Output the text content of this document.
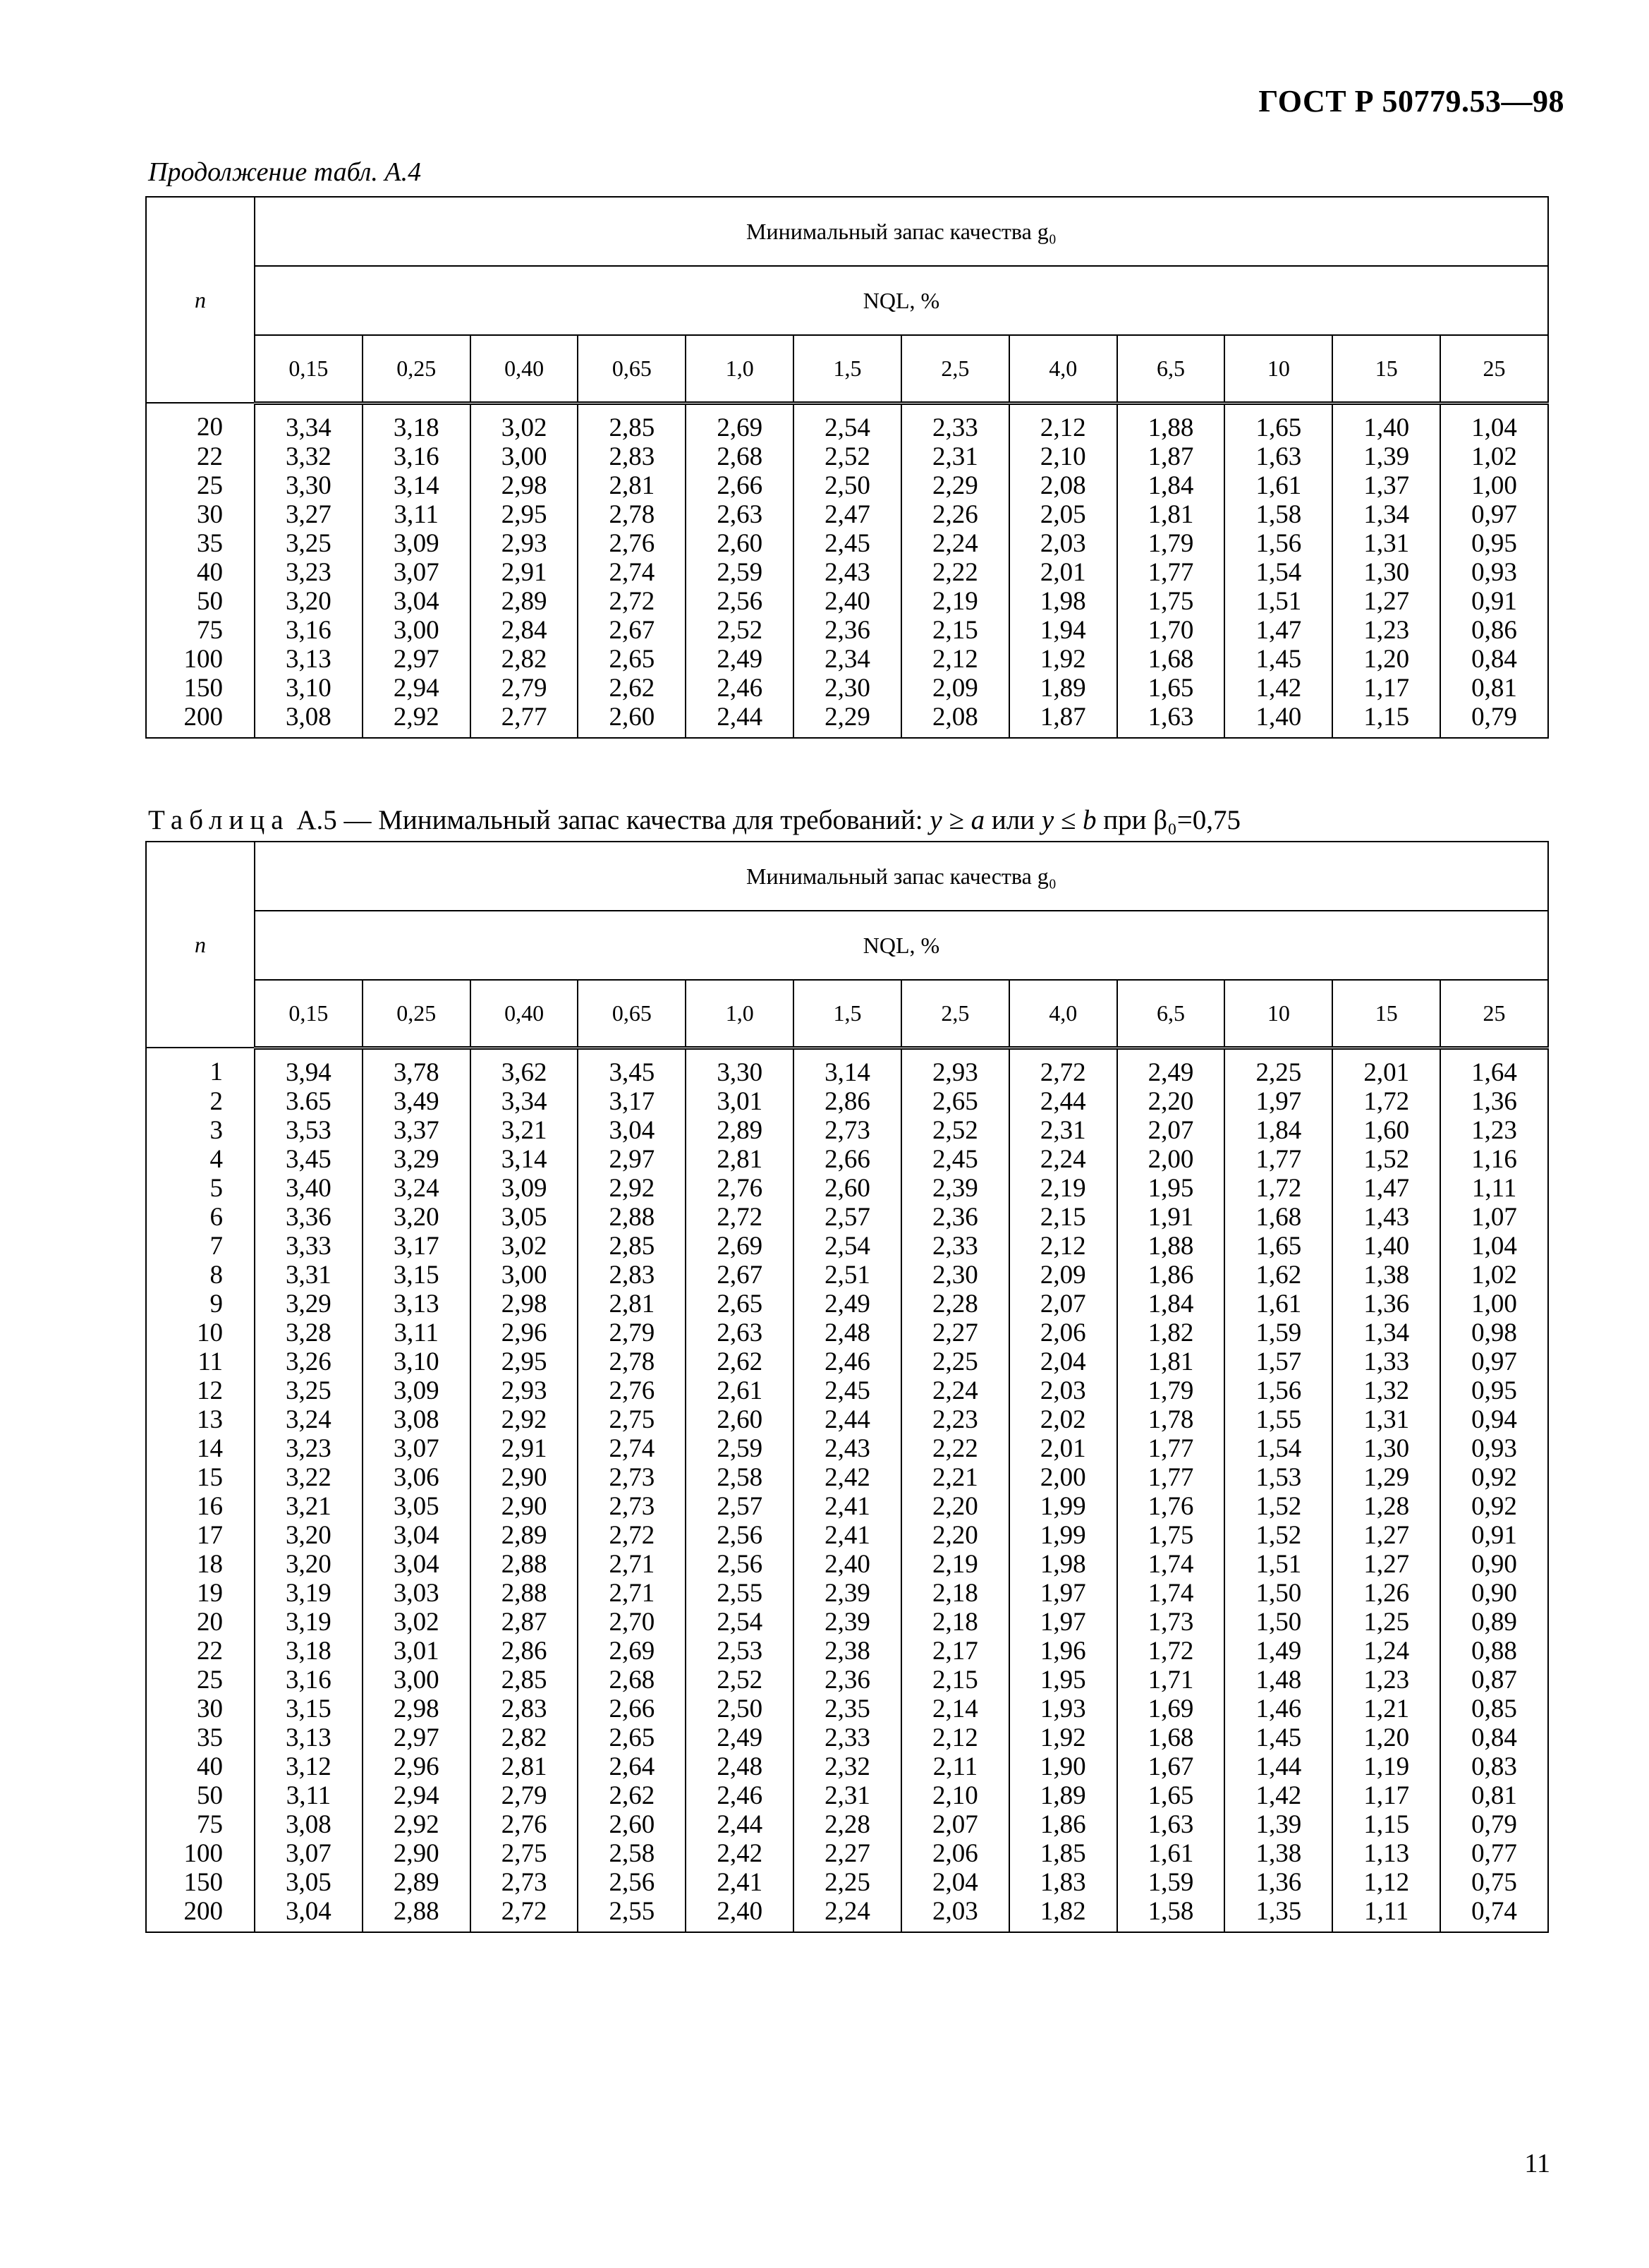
ГОСТ Р 50779.53—98
Продолжение табл. А.4
n	Минимальный запас качества g₀											
	NQL, %											
	0,15	0,25	0,40	0,65	1,0	1,5	2,5	4,0	6,5	10	15	25
20	3,34	3,18	3,02	2,85	2,69	2,54	2,33	2,12	1,88	1,65	1,40	1,04
22	3,32	3,16	3,00	2,83	2,68	2,52	2,31	2,10	1,87	1,63	1,39	1,02
25	3,30	3,14	2,98	2,81	2,66	2,50	2,29	2,08	1,84	1,61	1,37	1,00
30	3,27	3,11	2,95	2,78	2,63	2,47	2,26	2,05	1,81	1,58	1,34	0,97
35	3,25	3,09	2,93	2,76	2,60	2,45	2,24	2,03	1,79	1,56	1,31	0,95
40	3,23	3,07	2,91	2,74	2,59	2,43	2,22	2,01	1,77	1,54	1,30	0,93
50	3,20	3,04	2,89	2,72	2,56	2,40	2,19	1,98	1,75	1,51	1,27	0,91
75	3,16	3,00	2,84	2,67	2,52	2,36	2,15	1,94	1,70	1,47	1,23	0,86
100	3,13	2,97	2,82	2,65	2,49	2,34	2,12	1,92	1,68	1,45	1,20	0,84
150	3,10	2,94	2,79	2,62	2,46	2,30	2,09	1,89	1,65	1,42	1,17	0,81
200	3,08	2,92	2,77	2,60	2,44	2,29	2,08	1,87	1,63	1,40	1,15	0,79
Таблица А.5 — Минимальный запас качества для требований: y ≥ a или y ≤ b при β₀=0,75
n	Минимальный запас качества g₀											
	NQL, %											
	0,15	0,25	0,40	0,65	1,0	1,5	2,5	4,0	6,5	10	15	25
1	3,94	3,78	3,62	3,45	3,30	3,14	2,93	2,72	2,49	2,25	2,01	1,64
2	3.65	3,49	3,34	3,17	3,01	2,86	2,65	2,44	2,20	1,97	1,72	1,36
3	3,53	3,37	3,21	3,04	2,89	2,73	2,52	2,31	2,07	1,84	1,60	1,23
4	3,45	3,29	3,14	2,97	2,81	2,66	2,45	2,24	2,00	1,77	1,52	1,16
5	3,40	3,24	3,09	2,92	2,76	2,60	2,39	2,19	1,95	1,72	1,47	1,11
6	3,36	3,20	3,05	2,88	2,72	2,57	2,36	2,15	1,91	1,68	1,43	1,07
7	3,33	3,17	3,02	2,85	2,69	2,54	2,33	2,12	1,88	1,65	1,40	1,04
8	3,31	3,15	3,00	2,83	2,67	2,51	2,30	2,09	1,86	1,62	1,38	1,02
9	3,29	3,13	2,98	2,81	2,65	2,49	2,28	2,07	1,84	1,61	1,36	1,00
10	3,28	3,11	2,96	2,79	2,63	2,48	2,27	2,06	1,82	1,59	1,34	0,98
11	3,26	3,10	2,95	2,78	2,62	2,46	2,25	2,04	1,81	1,57	1,33	0,97
12	3,25	3,09	2,93	2,76	2,61	2,45	2,24	2,03	1,79	1,56	1,32	0,95
13	3,24	3,08	2,92	2,75	2,60	2,44	2,23	2,02	1,78	1,55	1,31	0,94
14	3,23	3,07	2,91	2,74	2,59	2,43	2,22	2,01	1,77	1,54	1,30	0,93
15	3,22	3,06	2,90	2,73	2,58	2,42	2,21	2,00	1,77	1,53	1,29	0,92
16	3,21	3,05	2,90	2,73	2,57	2,41	2,20	1,99	1,76	1,52	1,28	0,92
17	3,20	3,04	2,89	2,72	2,56	2,41	2,20	1,99	1,75	1,52	1,27	0,91
18	3,20	3,04	2,88	2,71	2,56	2,40	2,19	1,98	1,74	1,51	1,27	0,90
19	3,19	3,03	2,88	2,71	2,55	2,39	2,18	1,97	1,74	1,50	1,26	0,90
20	3,19	3,02	2,87	2,70	2,54	2,39	2,18	1,97	1,73	1,50	1,25	0,89
22	3,18	3,01	2,86	2,69	2,53	2,38	2,17	1,96	1,72	1,49	1,24	0,88
25	3,16	3,00	2,85	2,68	2,52	2,36	2,15	1,95	1,71	1,48	1,23	0,87
30	3,15	2,98	2,83	2,66	2,50	2,35	2,14	1,93	1,69	1,46	1,21	0,85
35	3,13	2,97	2,82	2,65	2,49	2,33	2,12	1,92	1,68	1,45	1,20	0,84
40	3,12	2,96	2,81	2,64	2,48	2,32	2,11	1,90	1,67	1,44	1,19	0,83
50	3,11	2,94	2,79	2,62	2,46	2,31	2,10	1,89	1,65	1,42	1,17	0,81
75	3,08	2,92	2,76	2,60	2,44	2,28	2,07	1,86	1,63	1,39	1,15	0,79
100	3,07	2,90	2,75	2,58	2,42	2,27	2,06	1,85	1,61	1,38	1,13	0,77
150	3,05	2,89	2,73	2,56	2,41	2,25	2,04	1,83	1,59	1,36	1,12	0,75
200	3,04	2,88	2,72	2,55	2,40	2,24	2,03	1,82	1,58	1,35	1,11	0,74
11
